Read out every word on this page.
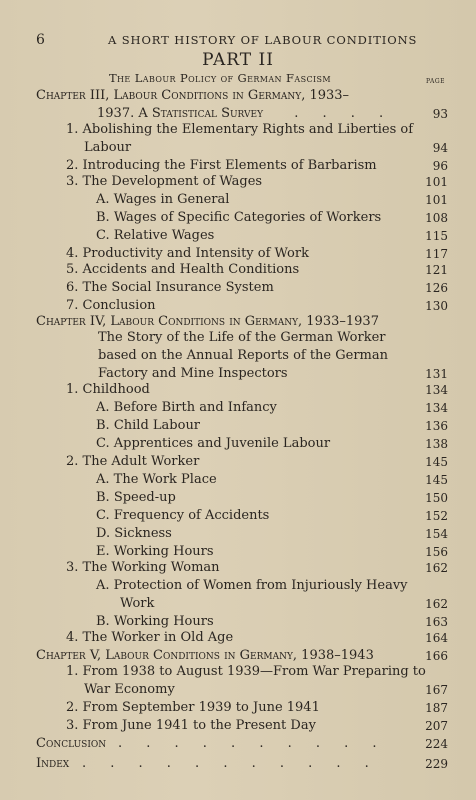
6	A SHORT HISTORY OF LABOUR CONDITIONS
PART II
The Labour Policy of German Fascism	PAGE
Chapter III, Labour Conditions in Germany, 1933–
1937. A Statistical Survey . . . .	93
1. Abolishing the Elementary Rights and Liberties of
Labour	94
2. Introducing the First Elements of Barbarism	96
3. The Development of Wages	101
A. Wages in General	101
B. Wages of Specific Categories of Workers	108
C. Relative Wages	115
4. Productivity and Intensity of Work	117
5. Accidents and Health Conditions	121
6. The Social Insurance System	126
7. Conclusion	130
Chapter IV, Labour Conditions in Germany, 1933–1937
The Story of the Life of the German Worker
based on the Annual Reports of the German
Factory and Mine Inspectors	131
1. Childhood	134
A. Before Birth and Infancy	134
B. Child Labour	136
C. Apprentices and Juvenile Labour	138
2. The Adult Worker	145
A. The Work Place	145
B. Speed-up	150
C. Frequency of Accidents	152
D. Sickness	154
E. Working Hours	156
3. The Working Woman	162
A. Protection of Women from Injuriously Heavy
Work	162
B. Working Hours	163
4. The Worker in Old Age	164
Chapter V, Labour Conditions in Germany, 1938–1943	166
1. From 1938 to August 1939—From War Preparing to
War Economy	167
2. From September 1939 to June 1941	187
3. From June 1941 to the Present Day	207
Conclusion . . . . . . . . . .	224
Index . . . . . . . . . . .	229
